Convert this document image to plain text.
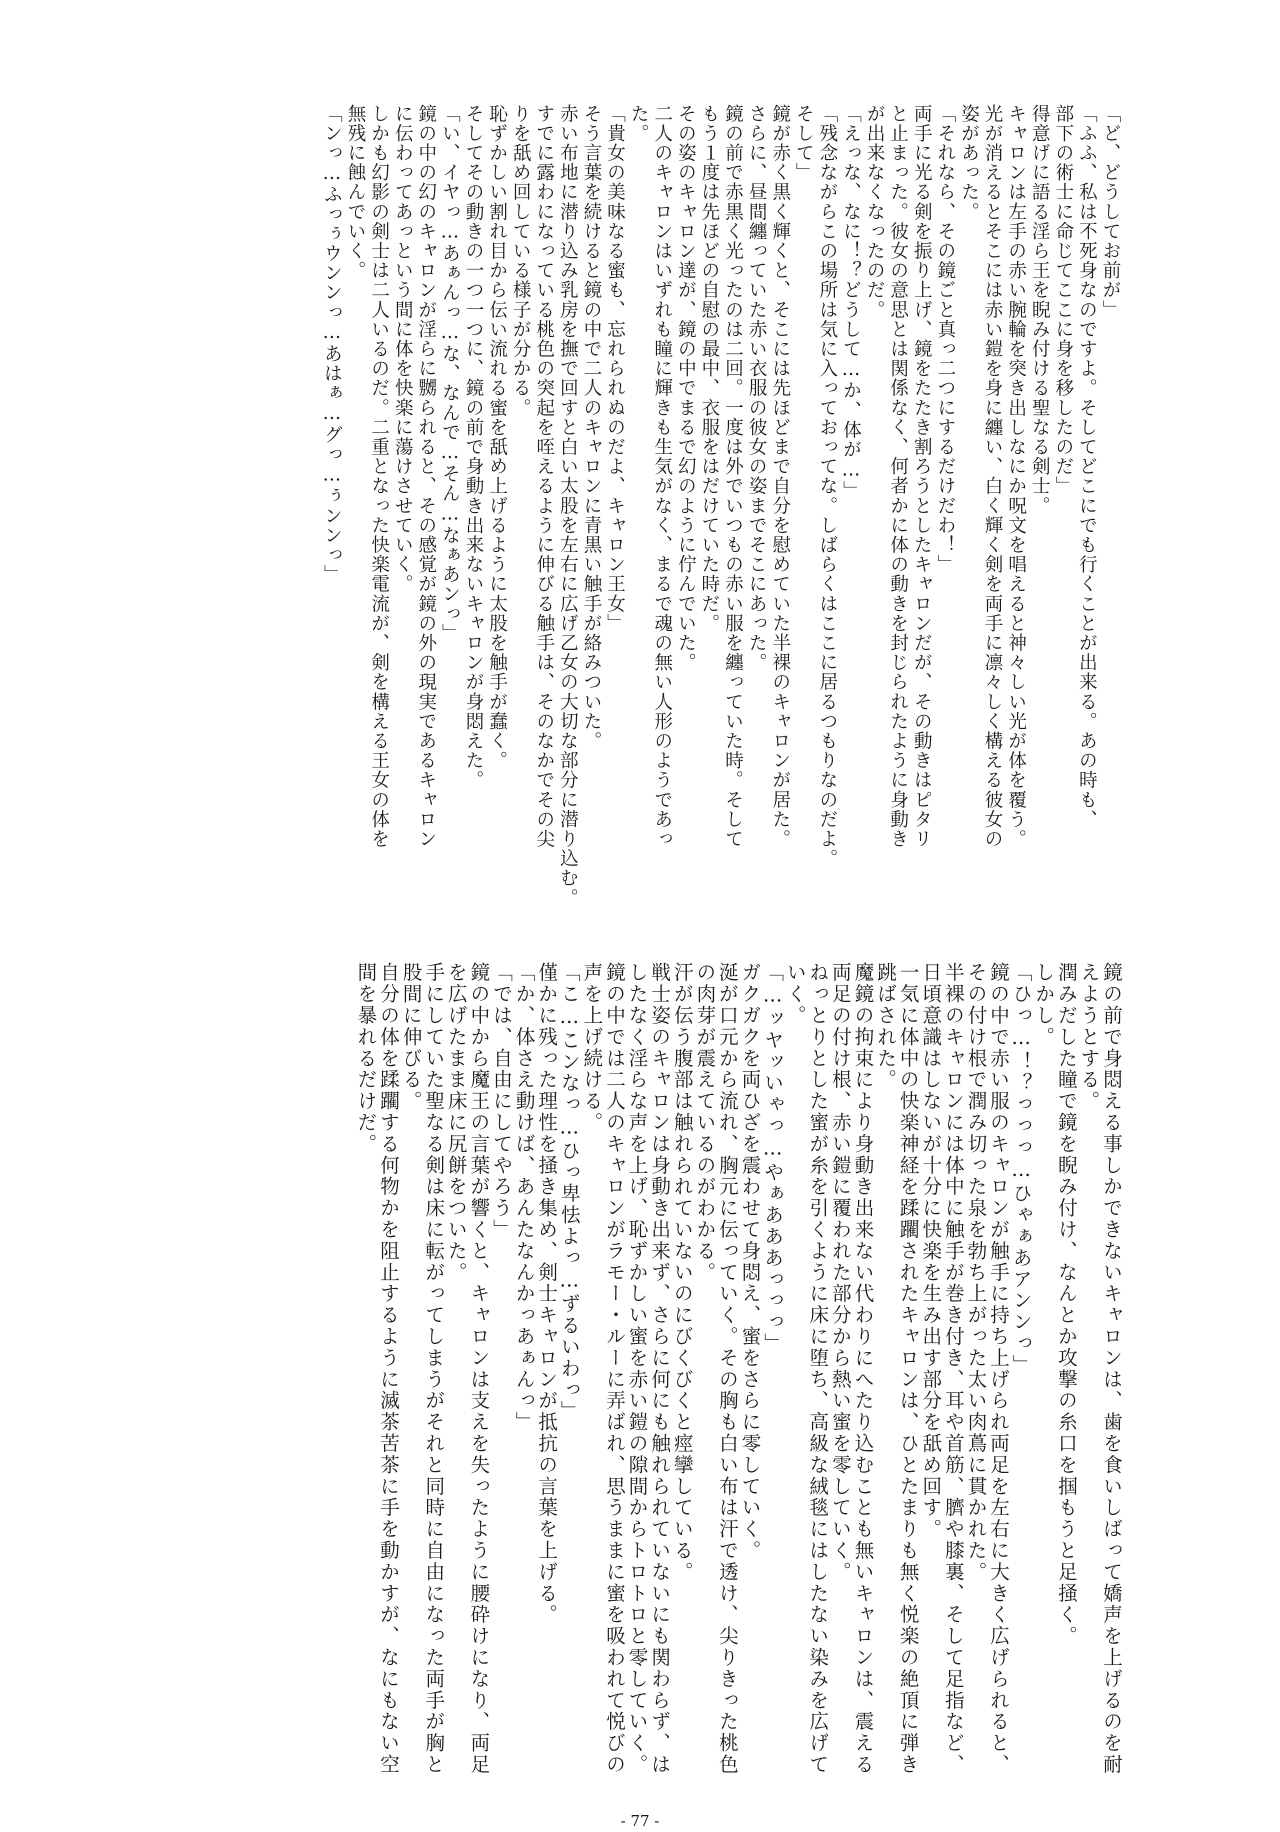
「ど、どうしてお前が」
「ふふ、私は不死身なのですよ。そしてどこにでも行くことが出来る。あの時も、
部下の術士に命じてここに身を移したのだ」
得意げに語る淫ら王を睨み付ける聖なる剣士。
キャロンは左手の赤い腕輪を突き出しなにか呪文を唱えると神々しい光が体を覆う。
光が消えるとそこには赤い鎧を身に纏い、白く輝く剣を両手に凛々しく構える彼女の
姿があった。
「それなら、その鏡ごと真っ二つにするだけだわ！」
両手に光る剣を振り上げ、鏡をたたき割ろうとしたキャロンだが、その動きはピタリ
と止まった。彼女の意思とは関係なく、何者かに体の動きを封じられたように身動き
が出来なくなったのだ。
「えっな、なに！？どうして…か、体が…」
「残念ながらこの場所は気に入っておってな。しばらくはここに居るつもりなのだよ。
そして」
鏡が赤く黒く輝くと、そこには先ほどまで自分を慰めていた半裸のキャロンが居た。
さらに、昼間纏っていた赤い衣服の彼女の姿までそこにあった。
鏡の前で赤黒く光ったのは二回。一度は外でいつもの赤い服を纏っていた時。そして
もう１度は先ほどの自慰の最中、衣服をはだけていた時だ。
その姿のキャロン達が、鏡の中でまるで幻のように佇んでいた。
二人のキャロンはいずれも瞳に輝きも生気がなく、まるで魂の無い人形のようであっ
た。
「貴女の美味なる蜜も、忘れられぬのだよ、キャロン王女」
そう言葉を続けると鏡の中で二人のキャロンに青黒い触手が絡みついた。
赤い布地に潜り込み乳房を撫で回すと白い太股を左右に広げ乙女の大切な部分に潜り込む。
すでに露わになっている桃色の突起を咥えるように伸びる触手は、そのなかでその尖
りを舐め回している様子が分かる。
恥ずかしい割れ目から伝い流れる蜜を舐め上げるように太股を触手が蠢く。
そしてその動きの一つ一つに、鏡の前で身動き出来ないキャロンが身悶えた。
「い、イヤっ…あぁんっ…な、なんで…そん…なぁあンっ」
鏡の中の幻のキャロンが淫らに嬲られると、その感覚が鏡の外の現実であるキャロン
に伝わってあっという間に体を快楽に蕩けさせていく。
しかも幻影の剣士は二人いるのだ。二重となった快楽電流が、剣を構える王女の体を
無残に蝕んでいく。
「ンっ…ふっぅウンンっ…あはぁ…グっ…ぅンンっ」
鏡の前で身悶える事しかできないキャロンは、歯を食いしばって嬌声を上げるのを耐
えようとする。
潤みだした瞳で鏡を睨み付け、なんとか攻撃の糸口を掴もうと足掻く。
しかし。
「ひっ…！？っっっ…ひゃぁあアンンっ」
鏡の中で赤い服のキャロンが触手に持ち上げられ両足を左右に大きく広げられると、
その付け根で潤み切った泉を勃ち上がった太い肉蔦に貫かれた。
半裸のキャロンには体中に触手が巻き付き、耳や首筋、臍や膝裏、そして足指など、
日頃意識はしないが十分に快楽を生み出す部分を舐め回す。
一気に体中の快楽神経を蹂躙されたキャロンは、ひとたまりも無く悦楽の絶頂に弾き
跳ばされた。
魔鏡の拘束により身動き出来ない代わりにへたり込むことも無いキャロンは、震える
両足の付け根、赤い鎧に覆われた部分から熱い蜜を零していく。
ねっとりとした蜜が糸を引くように床に堕ち、高級な絨毯にはしたない染みを広げて
いく。
「…ッヤッいゃっ…やぁあああっっっ」
ガクガクを両ひざを震わせて身悶え、蜜をさらに零していく。
涎が口元から流れ、胸元に伝っていく。その胸も白い布は汗で透け、尖りきった桃色
の肉芽が震えているのがわかる。
汗が伝う腹部は触れられていないのにびくびくと痙攣している。
戦士姿のキャロンは身動き出来ず、さらに何にも触れられていないにも関わらず、は
したなく淫らな声を上げ、恥ずかしい蜜を赤い鎧の隙間からトロトロと零していく。
鏡の中では二人のキャロンがラモー・ルーに弄ばれ、思うままに蜜を吸われて悦びの
声を上げ続ける。
「こ…こンなっ…ひっ卑怯よっ…ずるいわっ」
僅かに残った理性を掻き集め、剣士キャロンが抵抗の言葉を上げる。
「か、体さえ動けば、あんたなんかっあぁんっ」
「では、自由にしてやろう」
鏡の中から魔王の言葉が響くと、キャロンは支えを失ったように腰砕けになり、両足
を広げたまま床に尻餅をついた。
手にしていた聖なる剣は床に転がってしまうがそれと同時に自由になった両手が胸と
股間に伸びる。
自分の体を蹂躙する何物かを阻止するように滅茶苦茶に手を動かすが、なにもない空
間を暴れるだけだ。
- 77 -
